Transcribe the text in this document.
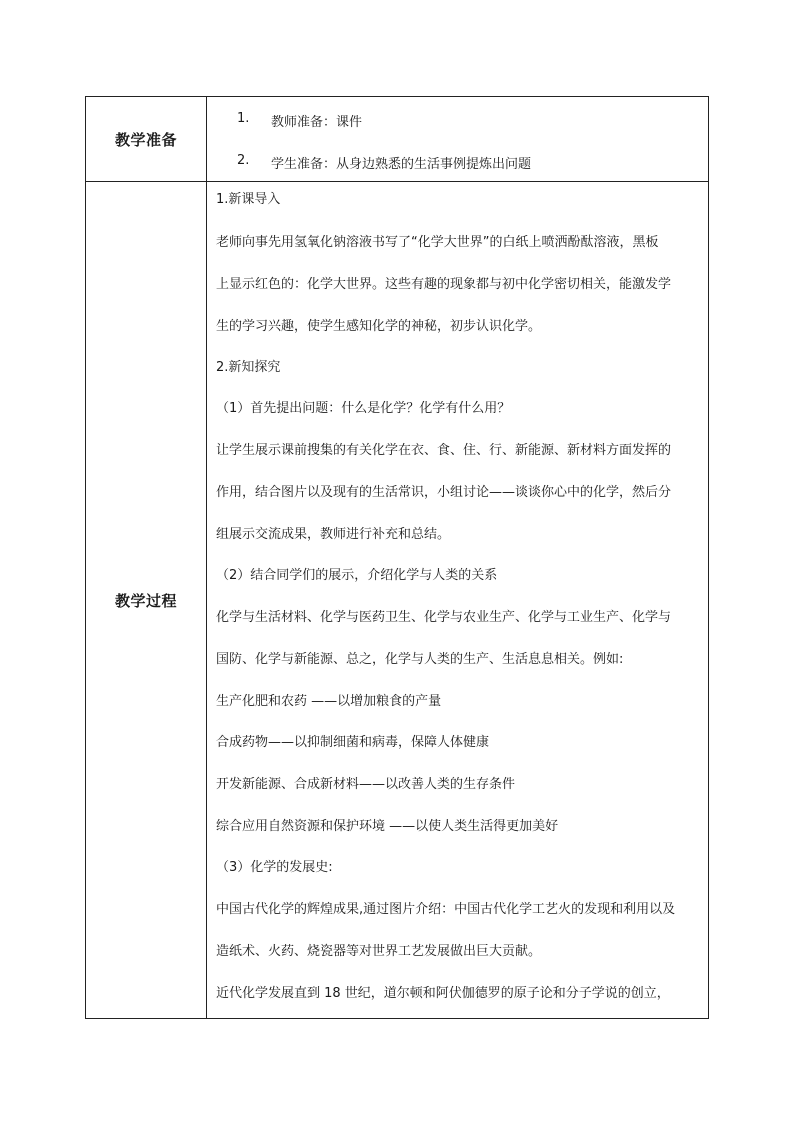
教学准备
1. 教师准备：课件
2. 学生准备：从身边熟悉的生活事例提炼出问题
教学过程
1.新课导入
老师向事先用氢氧化钠溶液书写了“化学大世界”的白纸上喷洒酚酞溶液，黑板
上显示红色的：化学大世界。这些有趣的现象都与初中化学密切相关，能激发学
生的学习兴趣，使学生感知化学的神秘，初步认识化学。
2.新知探究
（1）首先提出问题：什么是化学？化学有什么用？
让学生展示课前搜集的有关化学在衣、食、住、行、新能源、新材料方面发挥的
作用，结合图片以及现有的生活常识，小组讨论——谈谈你心中的化学，然后分
组展示交流成果，教师进行补充和总结。
（2）结合同学们的展示，介绍化学与人类的关系
化学与生活材料、化学与医药卫生、化学与农业生产、化学与工业生产、化学与
国防、化学与新能源、总之，化学与人类的生产、生活息息相关。例如:
生产化肥和农药 ——以增加粮食的产量
合成药物——以抑制细菌和病毒，保障人体健康
开发新能源、合成新材料——以改善人类的生存条件
综合应用自然资源和保护环境 ——以使人类生活得更加美好
（3）化学的发展史:
中国古代化学的辉煌成果,通过图片介绍：中国古代化学工艺火的发现和利用以及
造纸术、火药、烧瓷器等对世界工艺发展做出巨大贡献。
近代化学发展直到 18 世纪，道尔顿和阿伏伽德罗的原子论和分子学说的创立，
